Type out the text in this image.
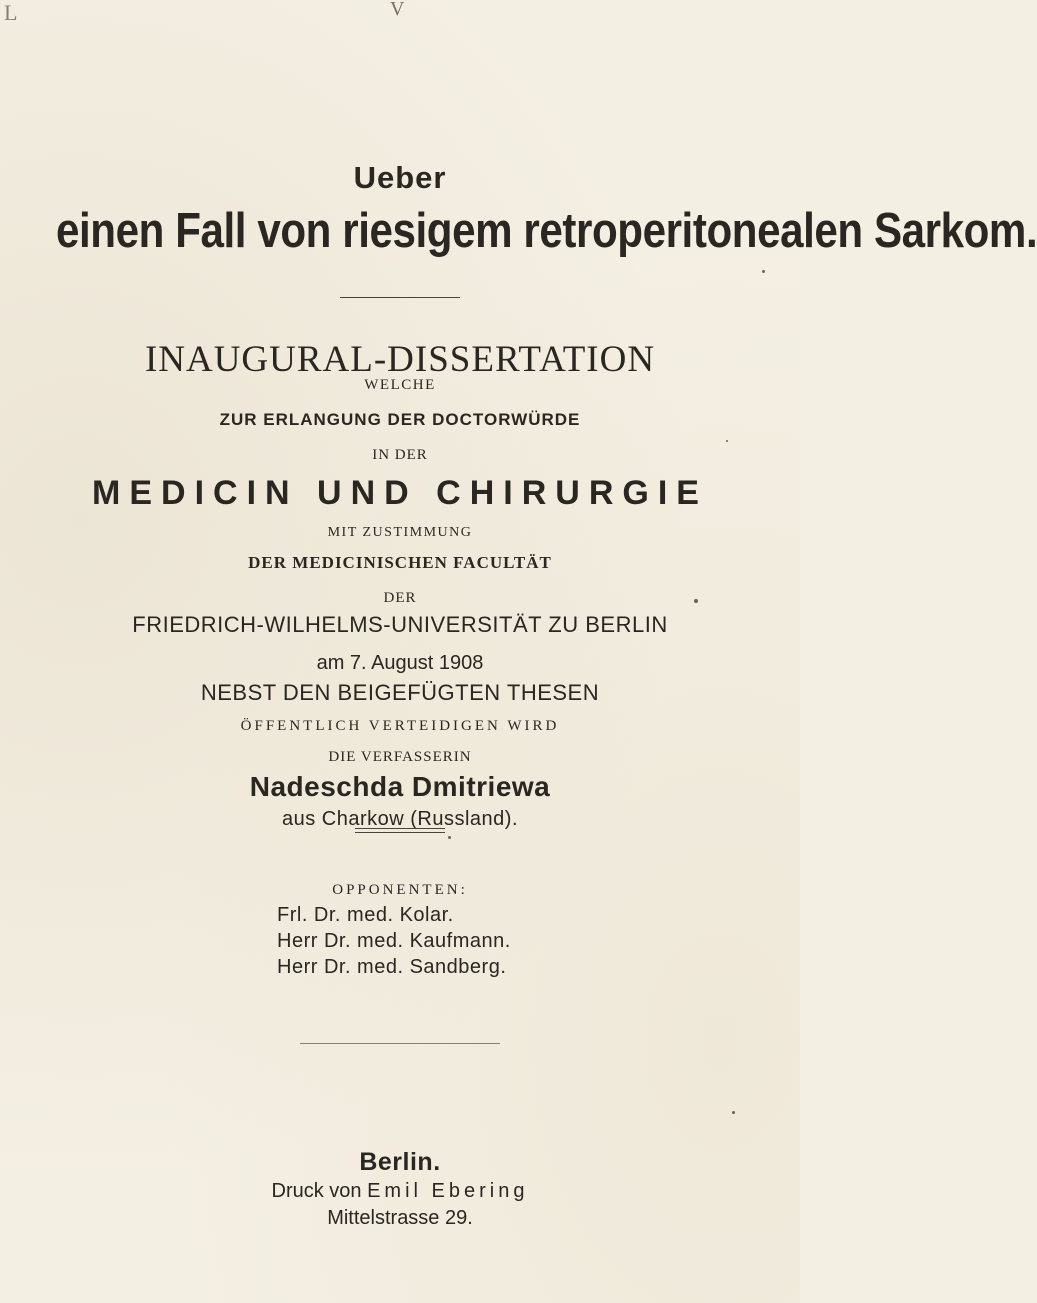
L	V
Ueber
einen Fall von riesigem retroperitonealen Sarkom.
INAUGURAL-DISSERTATION
WELCHE
ZUR ERLANGUNG DER DOCTORWÜRDE
IN DER
MEDICIN UND CHIRURGIE
MIT ZUSTIMMUNG
DER MEDICINISCHEN FACULTÄT
DER
FRIEDRICH-WILHELMS-UNIVERSITÄT ZU BERLIN
am 7. August 1908
NEBST DEN BEIGEFÜGTEN THESEN
ÖFFENTLICH VERTEIDIGEN WIRD
DIE VERFASSERIN
Nadeschda Dmitriewa
aus Charkow (Russland).
OPPONENTEN:
Frl. Dr. med. Kolar.
Herr Dr. med. Kaufmann.
Herr Dr. med. Sandberg.
Berlin.
Druck von Emil Ebering
Mittelstrasse 29.
